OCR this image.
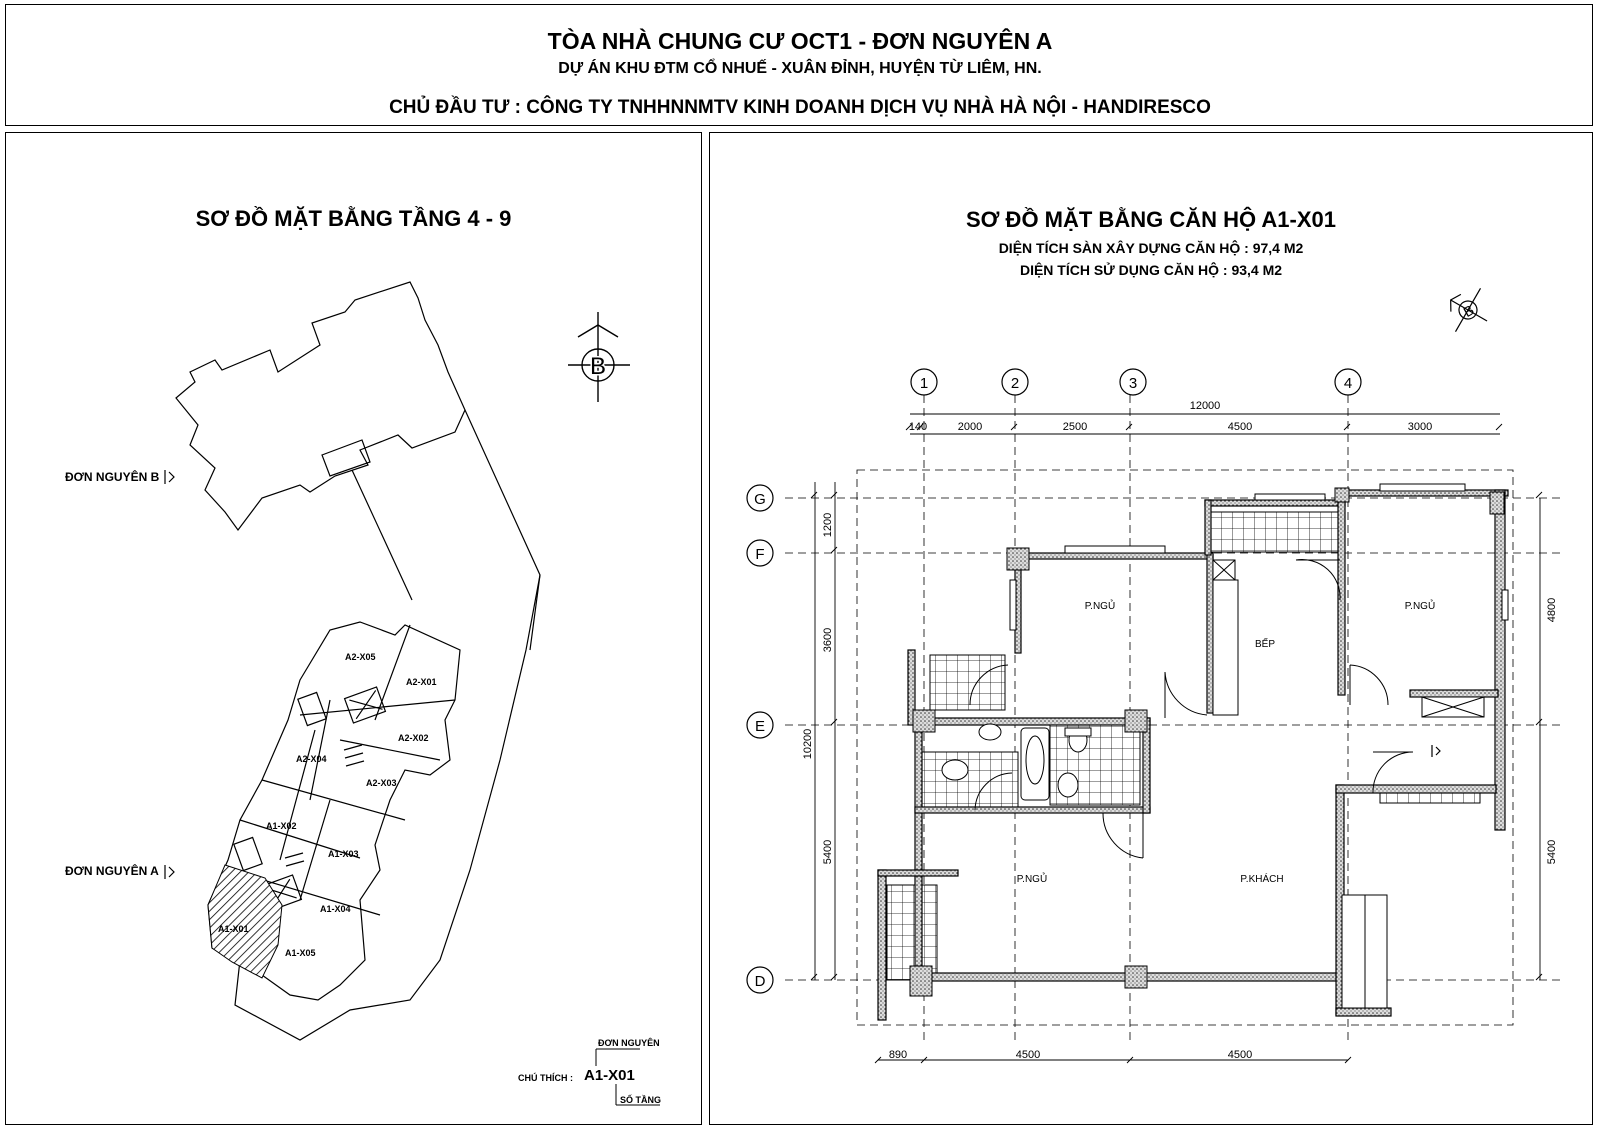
TÒA NHÀ CHUNG CƯ OCT1 - ĐƠN NGUYÊN A
DỰ ÁN KHU ĐTM CỔ NHUẾ - XUÂN ĐỈNH, HUYỆN TỪ LIÊM, HN.
CHỦ ĐẦU TƯ : CÔNG TY TNHHNNMTV KINH DOANH DỊCH VỤ NHÀ HÀ NỘI - HANDIRESCO
SƠ ĐỒ MẶT BẰNG TẦNG 4 - 9
ĐƠN NGUYÊN B
ĐƠN NGUYÊN A
ĐƠN NGUYÊN
CHÚ THÍCH : A1-X01
SỐ TẦNG
SƠ ĐỒ MẶT BẰNG CĂN HỘ A1-X01
DIỆN TÍCH SÀN XÂY DỰNG CĂN HỘ : 97,4 M2
DIỆN TÍCH SỬ DỤNG CĂN HỘ : 93,4 M2
A2-X05
A2-X01
A2-X02
A2-X04
A2-X03
A1-X02
A1-X03
A1-X04
A1-X01
A1-X05
B
B
1	2	3	4
G
F
E
D
12000
140	2000	2500	4500	3000
890	4500	4500
10200
1200
3600
5400
4800
5400
P.NGỦ
BẾP
P.NGỦ
P.NGỦ	P.KHÁCH
